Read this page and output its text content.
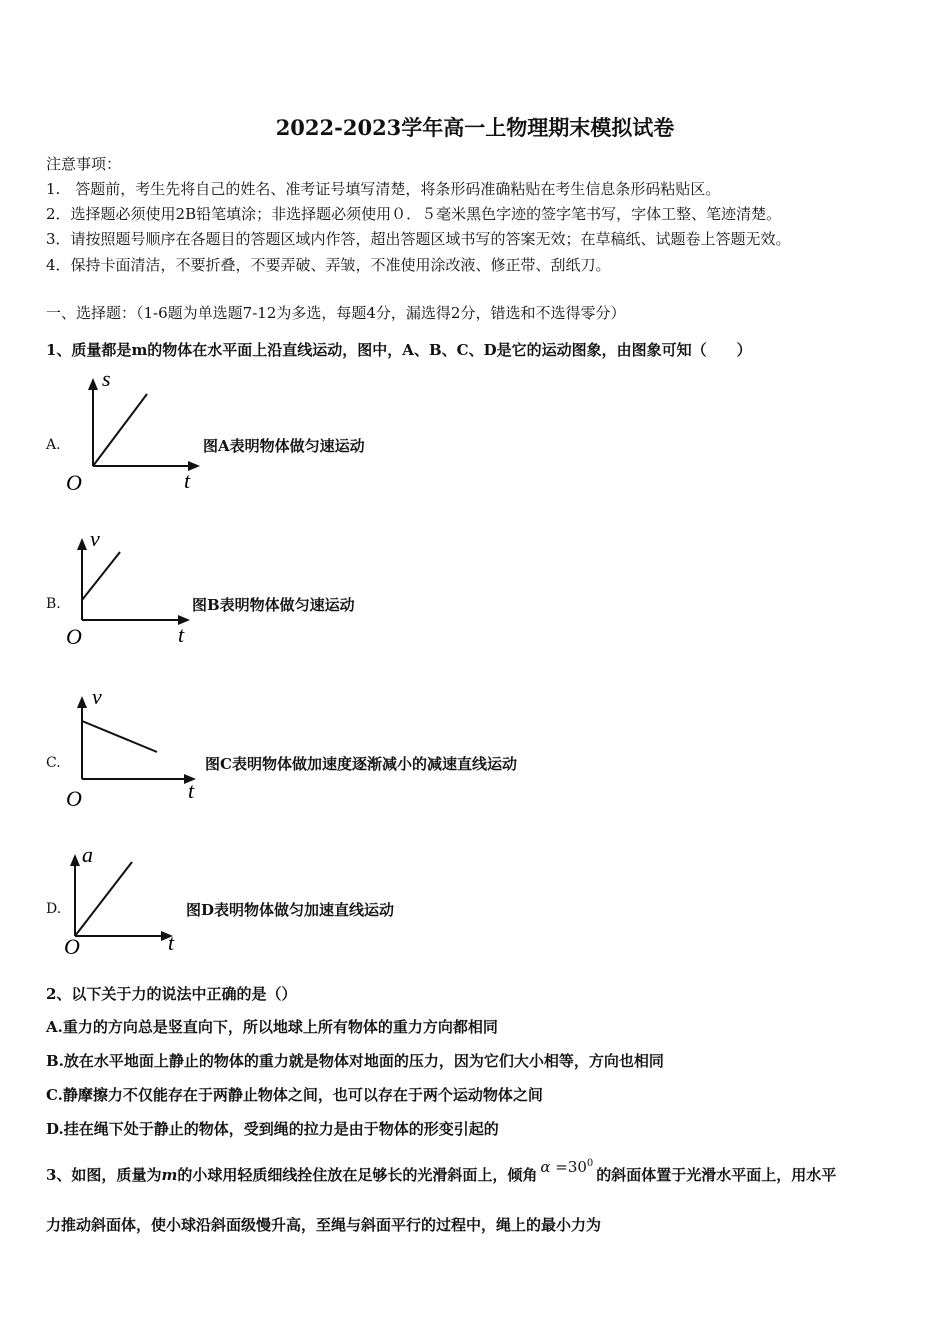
2022-2023学年高一上物理期末模拟试卷
注意事项：
1.　答题前，考生先将自己的姓名、准考证号填写清楚，将条形码准确粘贴在考生信息条形码粘贴区。
2．选择题必须使用2B铅笔填涂；非选择题必须使用０．５毫米黑色字迹的签字笔书写，字体工整、笔迹清楚。
3．请按照题号顺序在各题目的答题区域内作答，超出答题区域书写的答案无效；在草稿纸、试题卷上答题无效。
4．保持卡面清洁，不要折叠，不要弄破、弄皱，不准使用涂改液、修正带、刮纸刀。
一、选择题：（1-6题为单选题7-12为多选，每题4分，漏选得2分，错选和不选得零分）
1、质量都是m的物体在水平面上沿直线运动，图中，A、B、C、D是它的运动图象，由图象可知（　　）
A.
s
t
O
图A表明物体做匀速运动
B.
v
t
O
图B表明物体做匀速运动
C.
v
t
O
图C表明物体做加速度逐渐减小的减速直线运动
D.
a
t
O
图D表明物体做匀加速直线运动
2、以下关于力的说法中正确的是（）
A.重力的方向总是竖直向下，所以地球上所有物体的重力方向都相同
B.放在水平地面上静止的物体的重力就是物体对地面的压力，因为它们大小相等，方向也相同
C.静摩擦力不仅能存在于两静止物体之间，也可以存在于两个运动物体之间
D.挂在绳下处于静止的物体，受到绳的拉力是由于物体的形变引起的
3、如图，质量为m的小球用轻质细线拴住放在足够长的光滑斜面上，倾角 $\alpha =30^0$的斜面体置于光滑水平面上，用水平
力推动斜面体，使小球沿斜面级慢升高，至绳与斜面平行的过程中，绳上的最小力为
